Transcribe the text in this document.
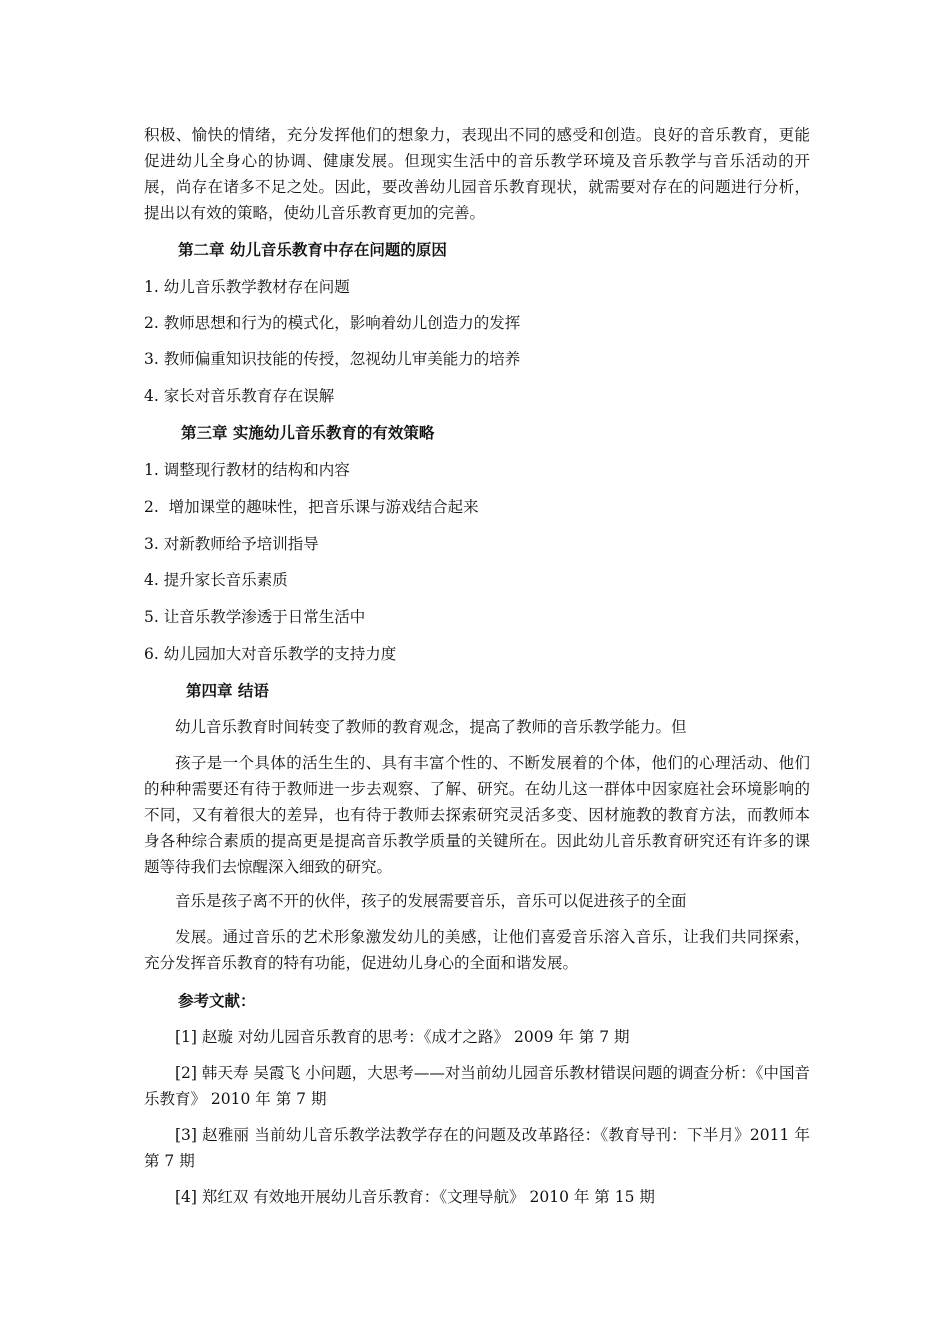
积极、愉快的情绪，充分发挥他们的想象力，表现出不同的感受和创造。良好的音乐教育，更能促进幼儿全身心的协调、健康发展。但现实生活中的音乐教学环境及音乐教学与音乐活动的开展，尚存在诸多不足之处。因此，要改善幼儿园音乐教育现状，就需要对存在的问题进行分析，提出以有效的策略，使幼儿音乐教育更加的完善。

第二章 幼儿音乐教育中存在问题的原因

1. 幼儿音乐教学教材存在问题

2. 教师思想和行为的模式化，影响着幼儿创造力的发挥

3. 教师偏重知识技能的传授，忽视幼儿审美能力的培养

4. 家长对音乐教育存在误解

第三章 实施幼儿音乐教育的有效策略

1. 调整现行教材的结构和内容

2.  增加课堂的趣味性，把音乐课与游戏结合起来

3. 对新教师给予培训指导

4. 提升家长音乐素质

5. 让音乐教学渗透于日常生活中

6. 幼儿园加大对音乐教学的支持力度

第四章 结语

幼儿音乐教育时间转变了教师的教育观念，提高了教师的音乐教学能力。但

孩子是一个具体的活生生的、具有丰富个性的、不断发展着的个体，他们的心理活动、他们的种种需要还有待于教师进一步去观察、了解、研究。在幼儿这一群体中因家庭社会环境影响的不同，又有着很大的差异，也有待于教师去探索研究灵活多变、因材施教的教育方法，而教师本身各种综合素质的提高更是提高音乐教学质量的关键所在。因此幼儿音乐教育研究还有许多的课题等待我们去惊醒深入细致的研究。

音乐是孩子离不开的伙伴，孩子的发展需要音乐，音乐可以促进孩子的全面

发展。通过音乐的艺术形象激发幼儿的美感，让他们喜爱音乐溶入音乐，让我们共同探索，充分发挥音乐教育的特有功能，促进幼儿身心的全面和谐发展。

参考文献：

[1] 赵璇 对幼儿园音乐教育的思考：《成才之路》 2009 年 第 7 期

[2] 韩天寿 吴霞飞 小问题，大思考——对当前幼儿园音乐教材错误问题的调查分析：《中国音乐教育》 2010 年 第 7 期

[3] 赵雅丽 当前幼儿音乐教学法教学存在的问题及改革路径：《教育导刊：下半月》2011 年 第 7 期

[4] 郑红双 有效地开展幼儿音乐教育：《文理导航》 2010 年 第 15 期
